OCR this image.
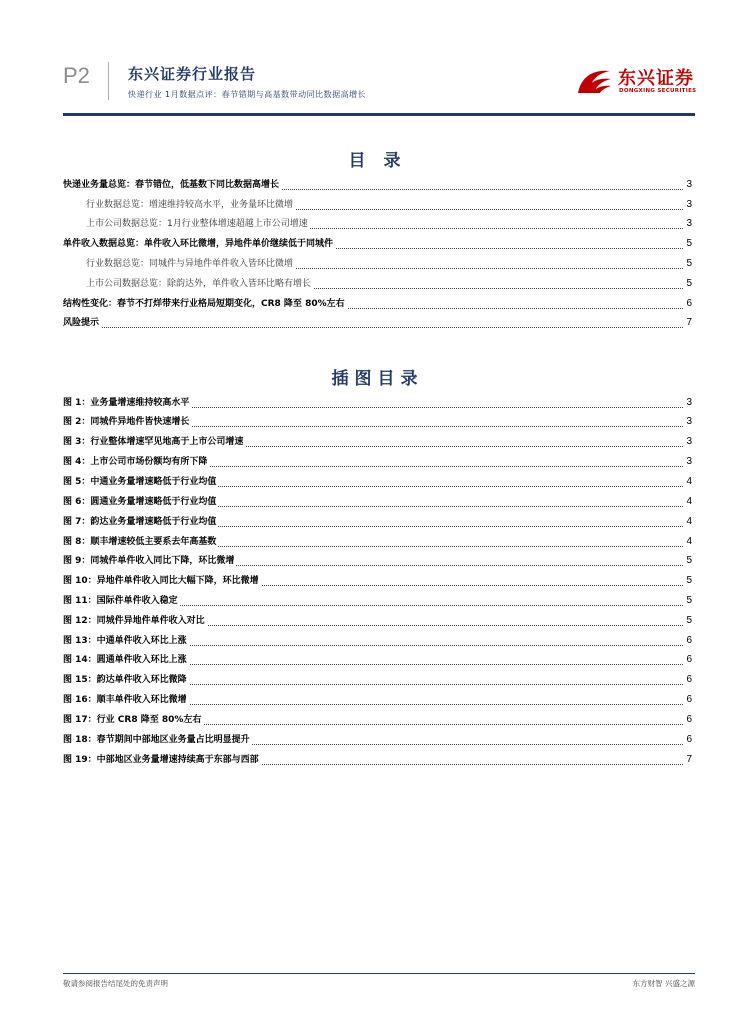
P2	东兴证券行业报告
快递行业 1月数据点评：春节错期与高基数带动同比数据高增长
东兴证券
DONGXING SECURITIES
目 录
快递业务量总览：春节错位，低基数下同比数据高增长	3
行业数据总览：增速维持较高水平，业务量环比微增	3
上市公司数据总览：1月行业整体增速超越上市公司增速	3
单件收入数据总览：单件收入环比微增，异地件单价继续低于同城件	5
行业数据总览：同城件与异地件单件收入皆环比微增	5
上市公司数据总览：除韵达外，单件收入皆环比略有增长	5
结构性变化：春节不打烊带来行业格局短期变化，CR8 降至 80%左右	6
风险提示	7
插图目录
图 1：业务量增速维持较高水平	3
图 2：同城件异地件皆快速增长	3
图 3：行业整体增速罕见地高于上市公司增速	3
图 4：上市公司市场份额均有所下降	3
图 5：中通业务量增速略低于行业均值	4
图 6：圆通业务量增速略低于行业均值	4
图 7：韵达业务量增速略低于行业均值	4
图 8：顺丰增速较低主要系去年高基数	4
图 9：同城件单件收入同比下降，环比微增	5
图 10：异地件单件收入同比大幅下降，环比微增	5
图 11：国际件单件收入稳定	5
图 12：同城件异地件单件收入对比	5
图 13：中通单件收入环比上涨	6
图 14：圆通单件收入环比上涨	6
图 15：韵达单件收入环比微降	6
图 16：顺丰单件收入环比微增	6
图 17：行业 CR8 降至 80%左右	6
图 18：春节期间中部地区业务量占比明显提升	6
图 19：中部地区业务量增速持续高于东部与西部	7
敬请参阅报告结尾处的免责声明	东方财智 兴盛之源
